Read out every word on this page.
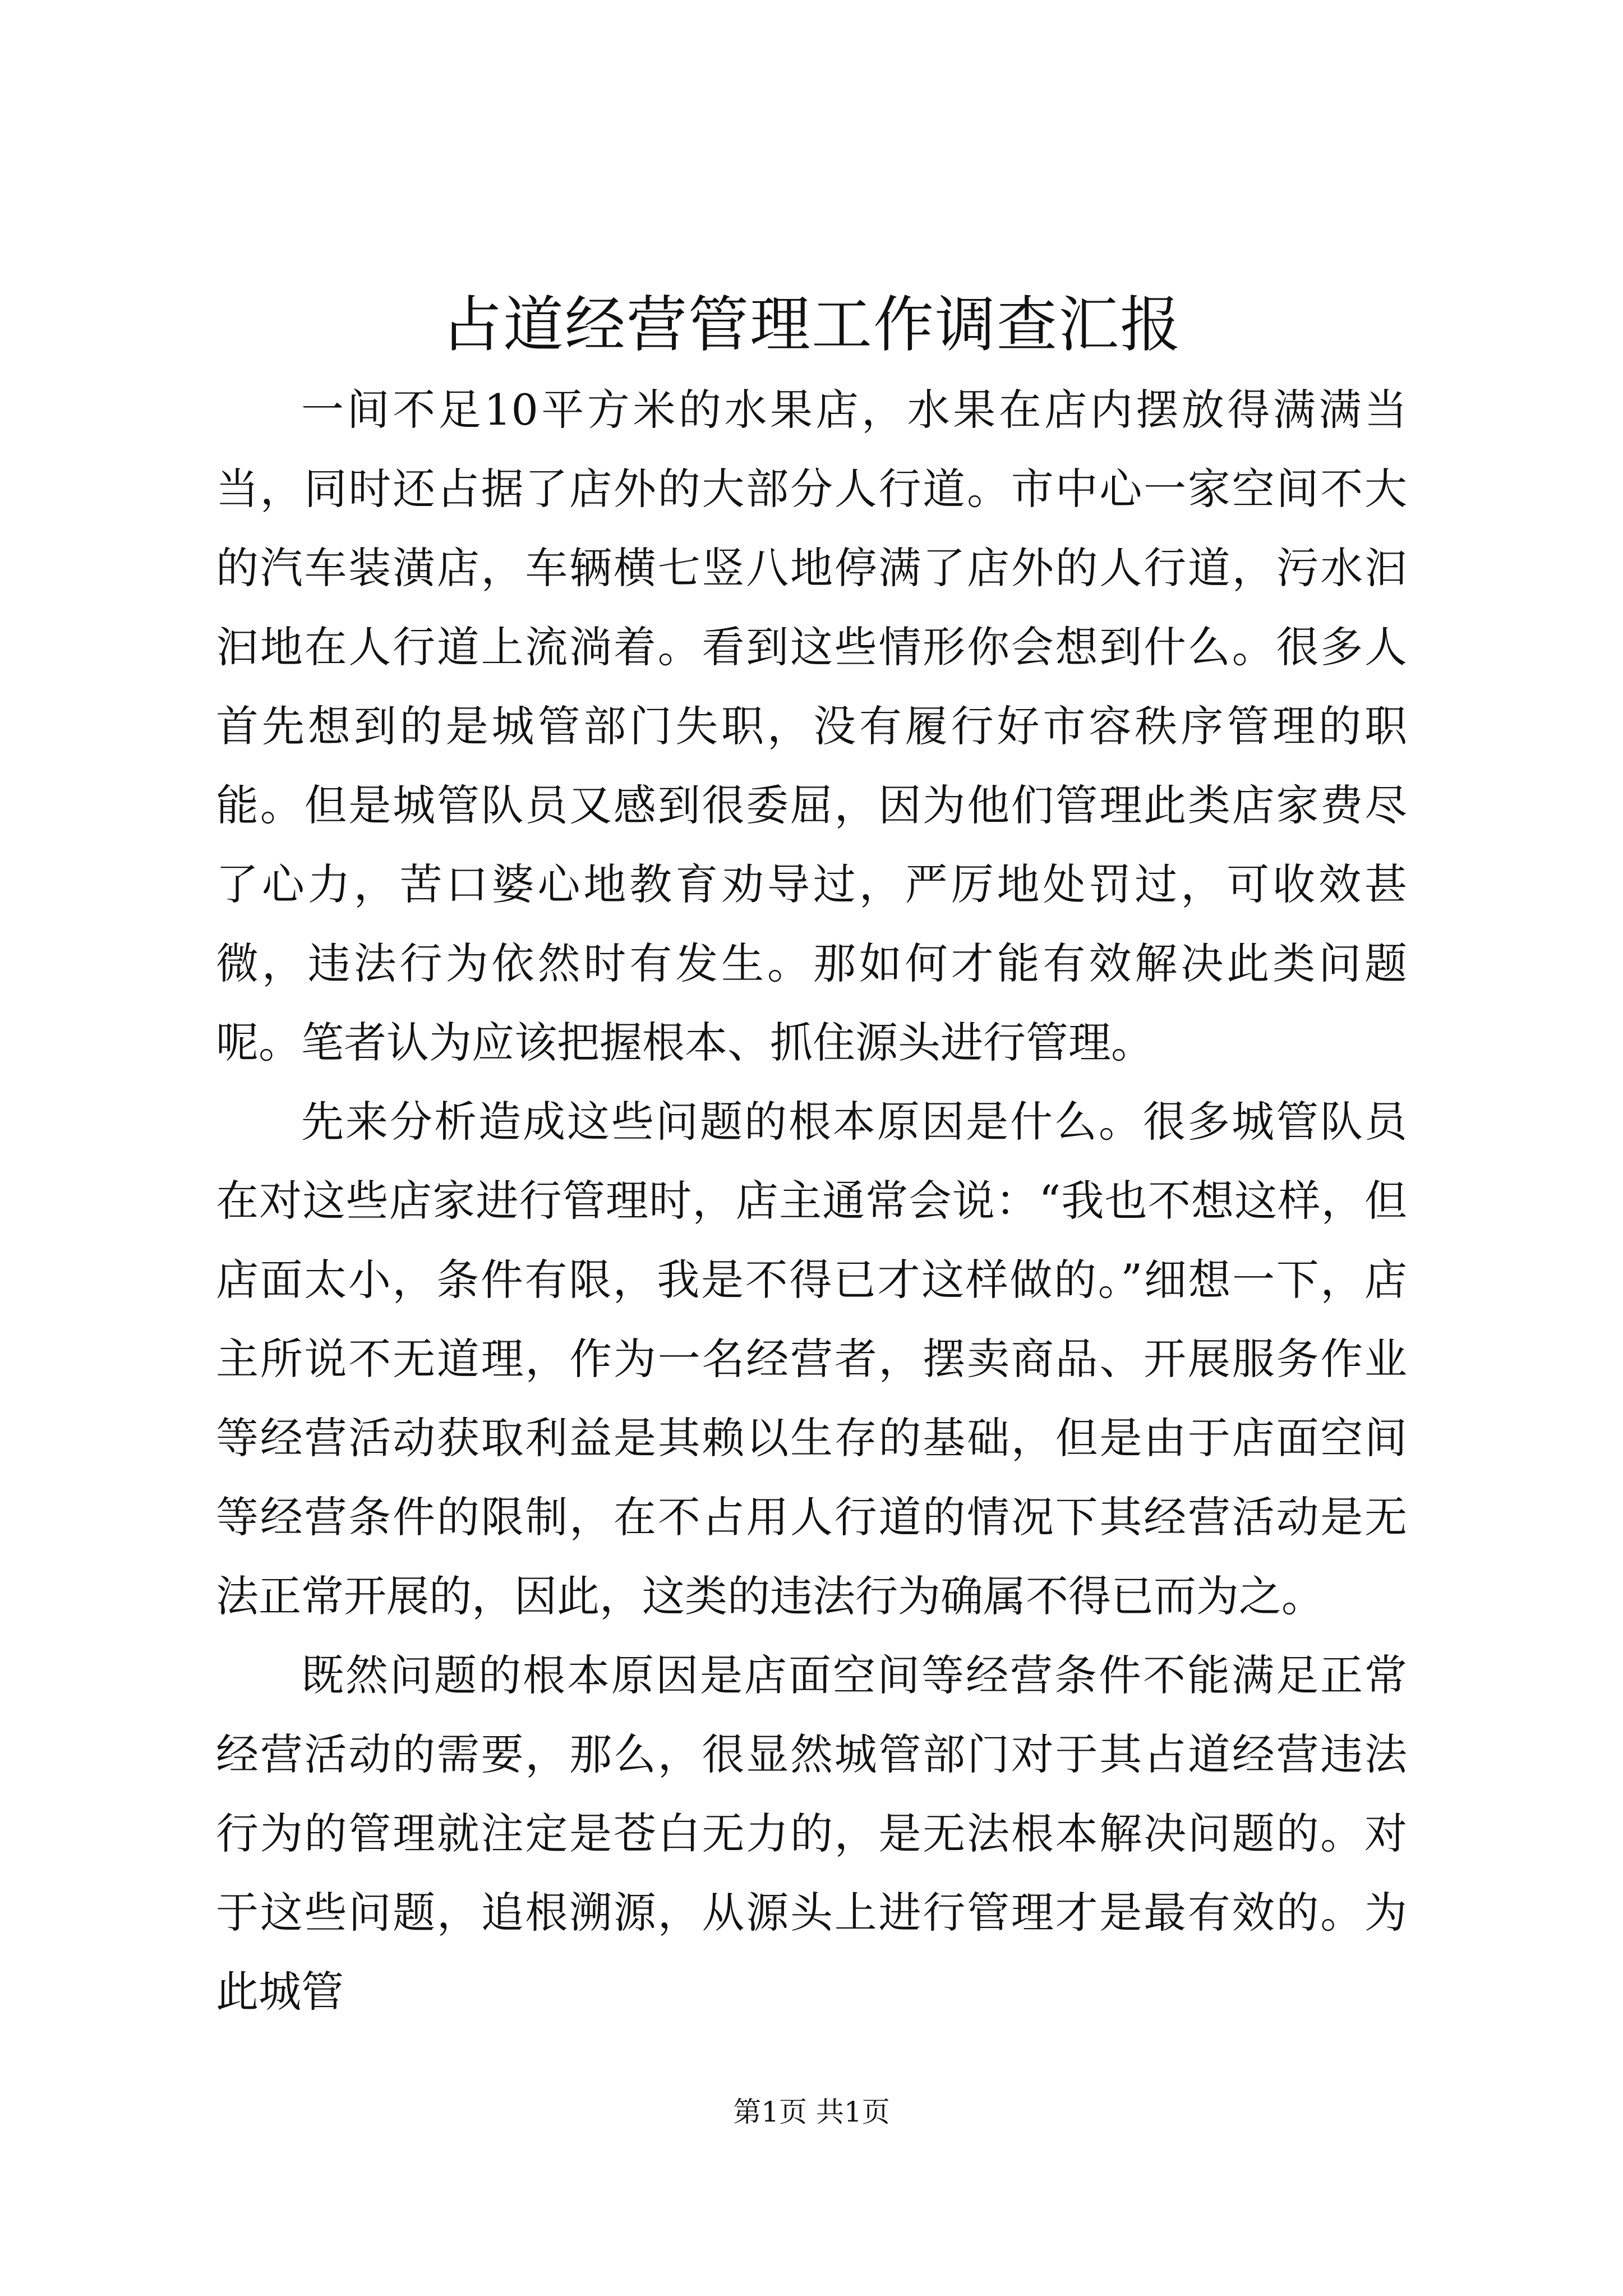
占道经营管理工作调查汇报

一间不足10平方米的水果店，水果在店内摆放得满满当当，同时还占据了店外的大部分人行道。市中心一家空间不大的汽车装潢店，车辆横七竖八地停满了店外的人行道，污水汩汩地在人行道上流淌着。看到这些情形你会想到什么。很多人首先想到的是城管部门失职，没有履行好市容秩序管理的职能。但是城管队员又感到很委屈，因为他们管理此类店家费尽了心力，苦口婆心地教育劝导过，严厉地处罚过，可收效甚微，违法行为依然时有发生。那如何才能有效解决此类问题呢。笔者认为应该把握根本、抓住源头进行管理。

先来分析造成这些问题的根本原因是什么。很多城管队员在对这些店家进行管理时，店主通常会说：“我也不想这样，但店面太小，条件有限，我是不得已才这样做的。”细想一下，店主所说不无道理，作为一名经营者，摆卖商品、开展服务作业等经营活动获取利益是其赖以生存的基础，但是由于店面空间等经营条件的限制，在不占用人行道的情况下其经营活动是无法正常开展的，因此，这类的违法行为确属不得已而为之。

既然问题的根本原因是店面空间等经营条件不能满足正常经营活动的需要，那么，很显然城管部门对于其占道经营违法行为的管理就注定是苍白无力的，是无法根本解决问题的。对于这些问题，追根溯源，从源头上进行管理才是最有效的。为此城管

第1页 共1页
